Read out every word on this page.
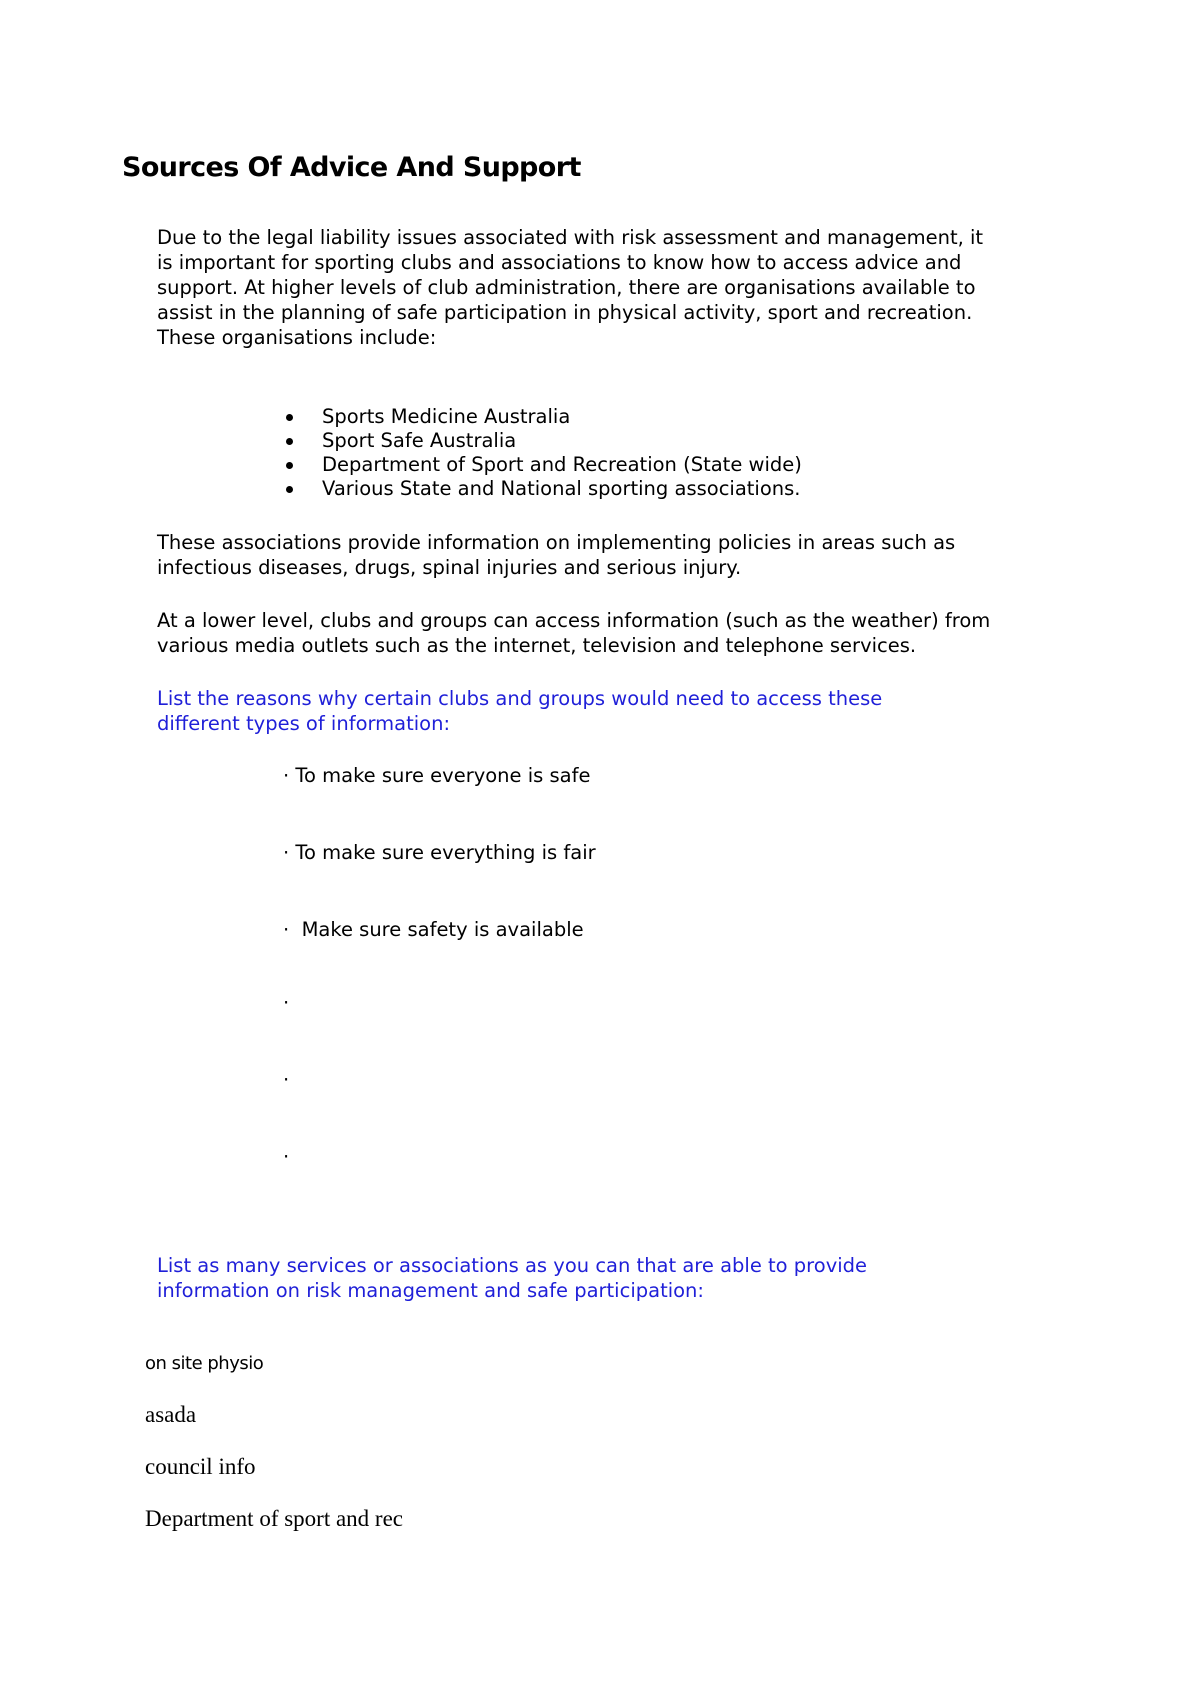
Sources Of Advice And Support

Due to the legal liability issues associated with risk assessment and management, it
is important for sporting clubs and associations to know how to access advice and
support. At higher levels of club administration, there are organisations available to
assist in the planning of safe participation in physical activity, sport and recreation.
These organisations include:

Sports Medicine Australia
Sport Safe Australia
Department of Sport and Recreation (State wide)
Various State and National sporting associations.

These associations provide information on implementing policies in areas such as
infectious diseases, drugs, spinal injuries and serious injury.

At a lower level, clubs and groups can access information (such as the weather) from
various media outlets such as the internet, television and telephone services.

List the reasons why certain clubs and groups would need to access these
different types of information:

· To make sure everyone is safe

· To make sure everything is fair

·  Make sure safety is available

·

·

·

List as many services or associations as you can that are able to provide
information on risk management and safe participation:

on site physio

asada

council info

Department of sport and rec
